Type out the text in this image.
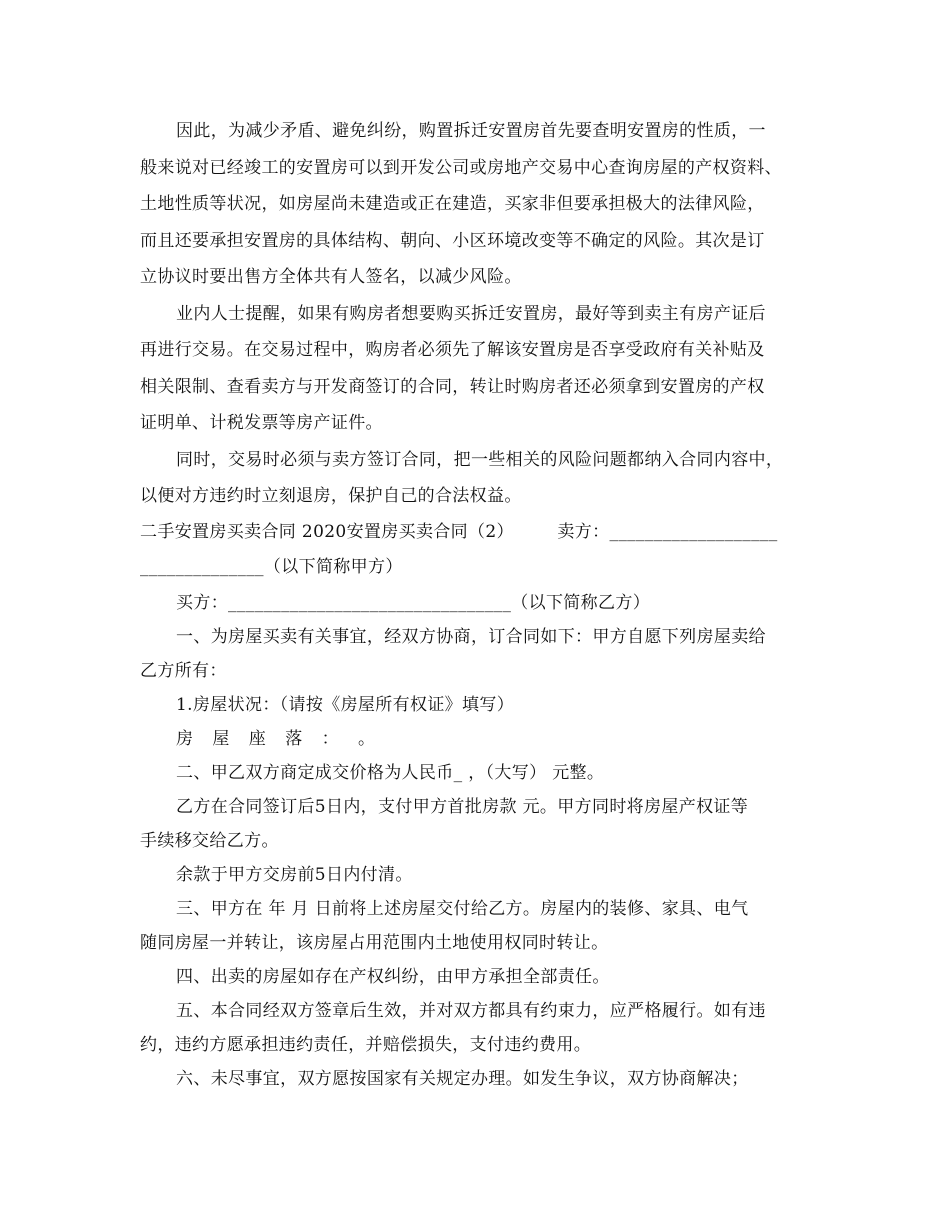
因此，为减少矛盾、避免纠纷，购置拆迁安置房首先要查明安置房的性质，一
般来说对已经竣工的安置房可以到开发公司或房地产交易中心查询房屋的产权资料、
土地性质等状况，如房屋尚未建造或正在建造，买家非但要承担极大的法律风险，
而且还要承担安置房的具体结构、朝向、小区环境改变等不确定的风险。其次是订
立协议时要出售方全体共有人签名，以减少风险。
业内人士提醒，如果有购房者想要购买拆迁安置房，最好等到卖主有房产证后
再进行交易。在交易过程中，购房者必须先了解该安置房是否享受政府有关补贴及
相关限制、查看卖方与开发商签订的合同，转让时购房者还必须拿到安置房的产权
证明单、计税发票等房产证件。
同时，交易时必须与卖方签订合同，把一些相关的风险问题都纳入合同内容中，
以便对方违约时立刻退房，保护自己的合法权益。
二手安置房买卖合同 2020安置房买卖合同（2）　　　卖方：___________________
______________（以下简称甲方）
买方：________________________________（以下简称乙方）
一、为房屋买卖有关事宜，经双方协商，订合同如下：甲方自愿下列房屋卖给
乙方所有：
1.房屋状况：（请按《房屋所有权证》填写）
房 屋 座 落 ： 。
二、甲乙双方商定成交价格为人民币_ ，（大写） 元整。
乙方在合同签订后5日内，支付甲方首批房款 元。甲方同时将房屋产权证等
手续移交给乙方。
余款于甲方交房前5日内付清。
三、甲方在 年 月 日前将上述房屋交付给乙方。房屋内的装修、家具、电气
随同房屋一并转让，该房屋占用范围内土地使用权同时转让。
四、出卖的房屋如存在产权纠纷，由甲方承担全部责任。
五、本合同经双方签章后生效，并对双方都具有约束力，应严格履行。如有违
约，违约方愿承担违约责任，并赔偿损失，支付违约费用。
六、未尽事宜，双方愿按国家有关规定办理。如发生争议，双方协商解决；
